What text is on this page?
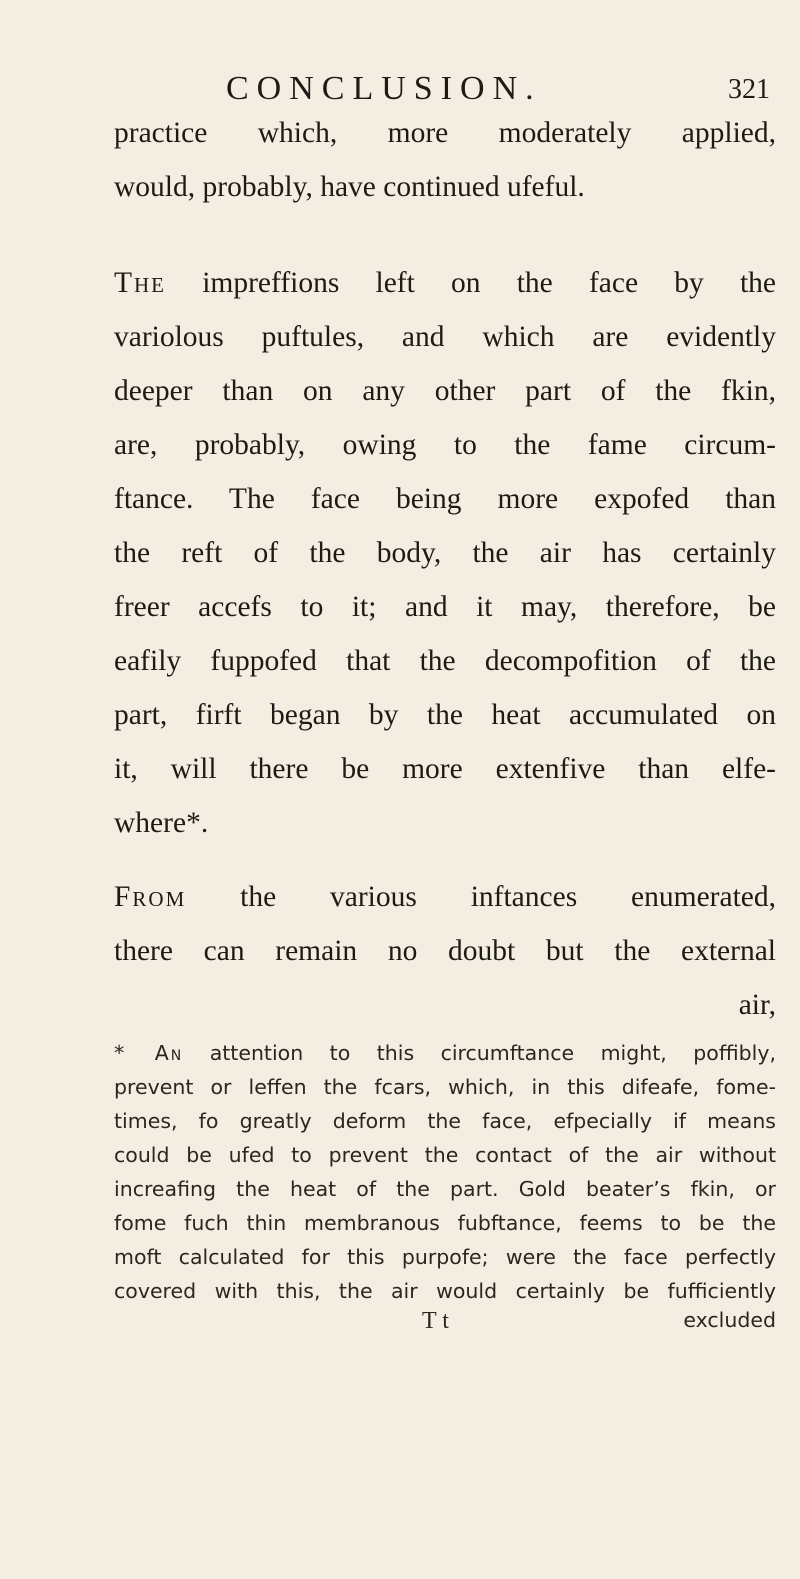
CONCLUSION.	321
practice which, more moderately applied,
would, probably, have continued ufeful.
The impreffions left on the face by the
variolous puftules, and which are evidently
deeper than on any other part of the fkin,
are, probably, owing to the fame circum-
ftance. The face being more expofed than
the reft of the body, the air has certainly
freer accefs to it; and it may, therefore, be
eafily fuppofed that the decompofition of the
part, firft began by the heat accumulated on
it, will there be more extenfive than elfe-
where*.
From the various inftances enumerated,
there can remain no doubt but the external
air,
* An attention to this circumftance might, poffibly,
prevent or leffen the fcars, which, in this difeafe, fome-
times, fo greatly deform the face, efpecially if means
could be ufed to prevent the contact of the air without
increafing the heat of the part. Gold beater’s fkin, or
fome fuch thin membranous fubftance, feems to be the
moft calculated for this purpofe; were the face perfectly
covered with this, the air would certainly be fufficiently
T t	excluded
